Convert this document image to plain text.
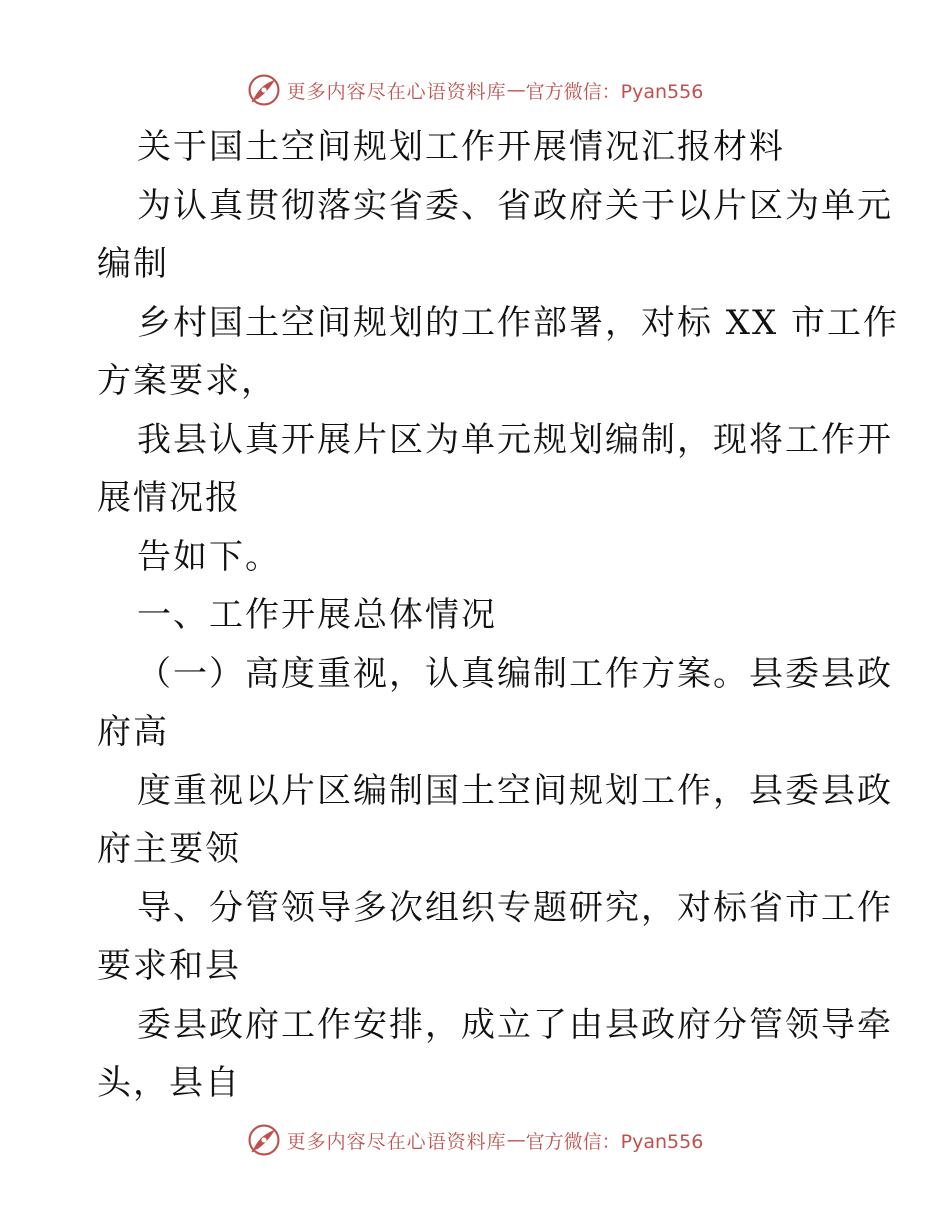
更多内容尽在心语资料库 — 官方微信：Pyan556
关于国土空间规划工作开展情况汇报材料
为认真贯彻落实省委、省政府关于以片区为单元
编制
乡村国土空间规划的工作部署，对标 XX 市工作
方案要求，
我县认真开展片区为单元规划编制，现将工作开
展情况报
告如下。
一、工作开展总体情况
（一）高度重视，认真编制工作方案。县委县政
府高
度重视以片区编制国土空间规划工作，县委县政
府主要领
导、分管领导多次组织专题研究，对标省市工作
要求和县
委县政府工作安排，成立了由县政府分管领导牵
头，县自
更多内容尽在心语资料库 — 官方微信：Pyan556
